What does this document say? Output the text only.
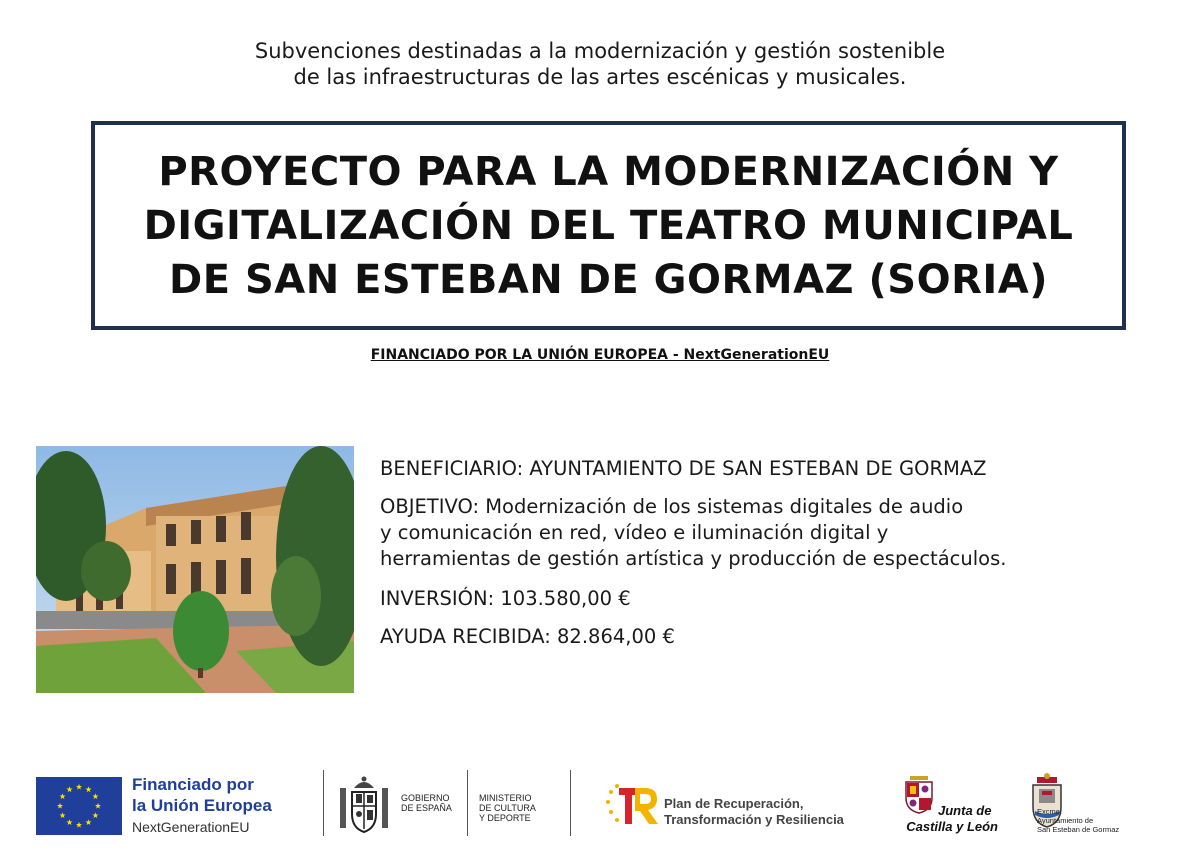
Subvenciones destinadas a la modernización y gestión sostenible
de las infraestructuras de las artes escénicas y musicales.
PROYECTO PARA LA MODERNIZACIÓN Y
DIGITALIZACIÓN DEL TEATRO MUNICIPAL
DE SAN ESTEBAN DE GORMAZ (SORIA)
FINANCIADO POR LA UNIÓN EUROPEA - NextGenerationEU

BENEFICIARIO: AYUNTAMIENTO DE SAN ESTEBAN DE GORMAZ

OBJETIVO: Modernización de los sistemas digitales de audio

y comunicación en red, vídeo e iluminación digital y

herramientas de gestión artística y producción de espectáculos.

INVERSIÓN: 103.580,00 €

AYUDA RECIBIDA: 82.864,00 €

Financiado por
la Unión Europea
NextGenerationEU
GOBIERNO
DE ESPAÑA
MINISTERIO
DE CULTURA
Y DEPORTE
Plan de Recuperación,
Transformación y Resiliencia
Junta de
Castilla y León
Excmo.
Ayuntamiento de
San Esteban de Gormaz
